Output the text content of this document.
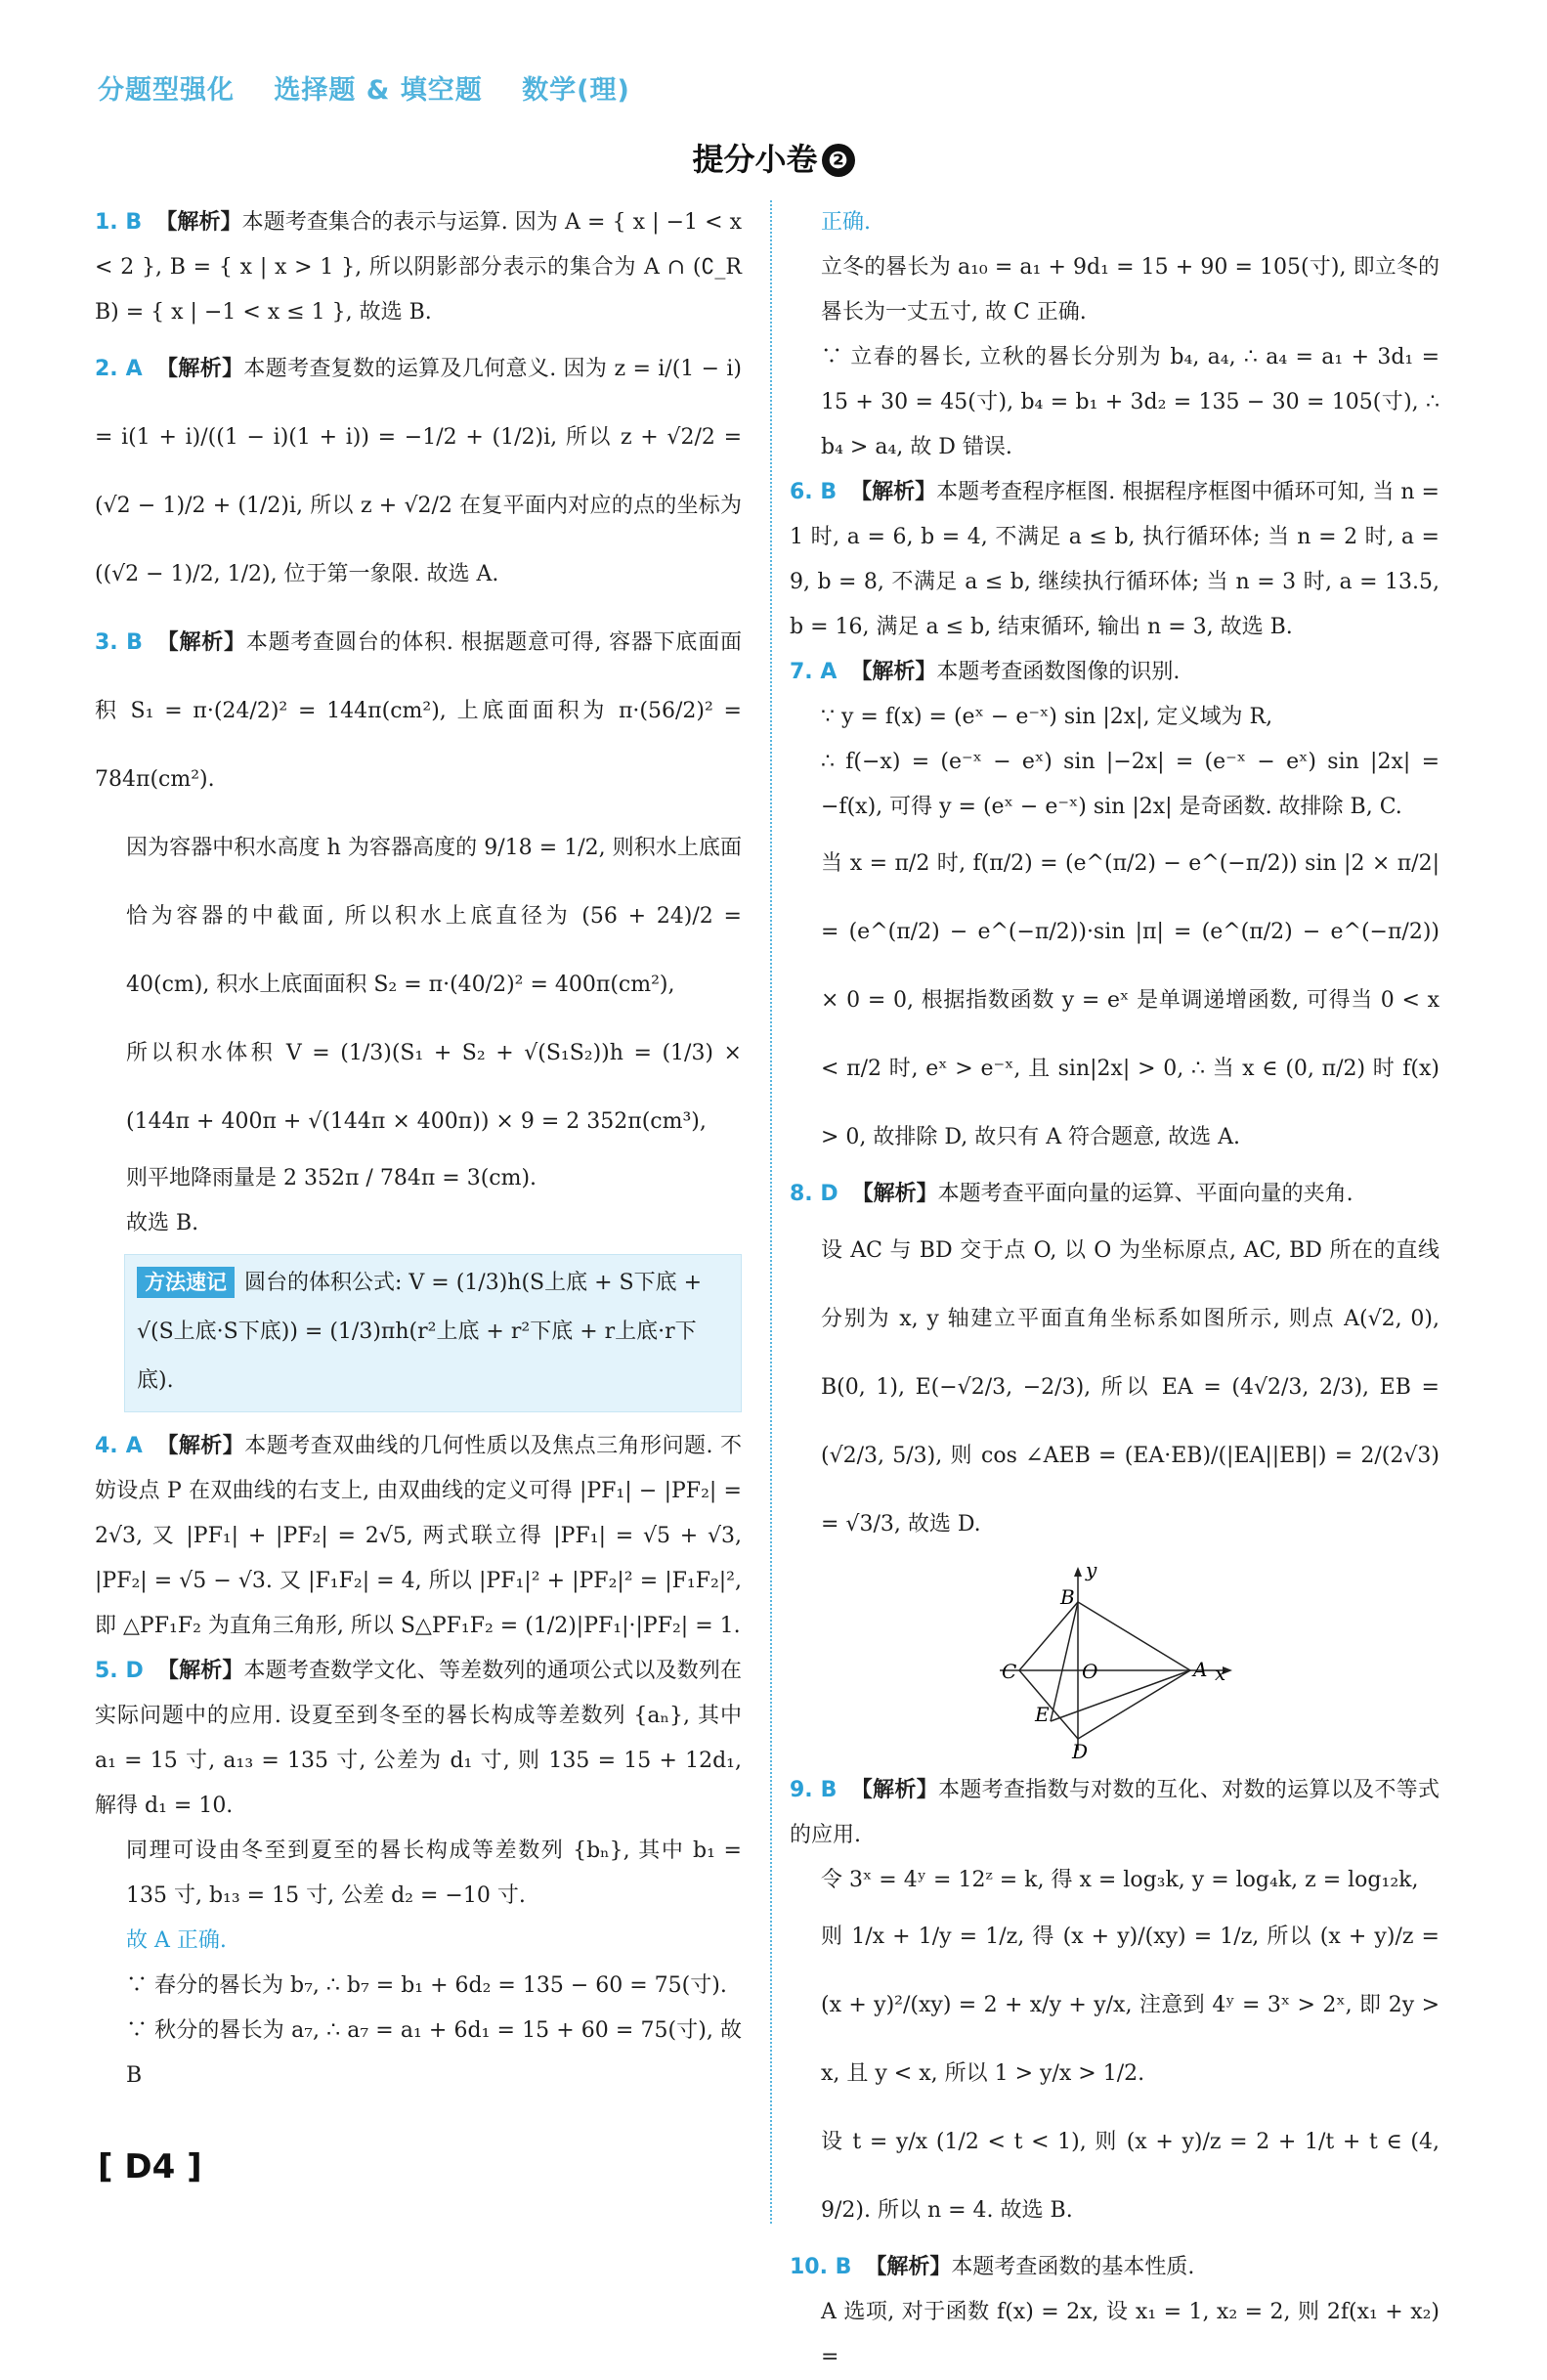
分题型强化 选择题 & 填空题 数学(理)
提分小卷 ❷

1. B 【解析】本题考查集合的表示与运算. 因为 A = { x | −1 < x < 2 }, B = { x | x > 1 }, 所以阴影部分表示的集合为 A ∩ (∁_R B) = { x | −1 < x ≤ 1 }, 故选 B.

2. A 【解析】本题考查复数的运算及几何意义. 因为 z = i/(1 − i) = i(1 + i)/((1 − i)(1 + i)) = −1/2 + (1/2)i, 所以 z + √2/2 = (√2 − 1)/2 + (1/2)i, 所以 z + √2/2 在复平面内对应的点的坐标为 ((√2 − 1)/2, 1/2), 位于第一象限. 故选 A.

3. B 【解析】本题考查圆台的体积. 根据题意可得, 容器下底面面积 S₁ = π·(24/2)² = 144π(cm²), 上底面面积为 π·(56/2)² = 784π(cm²).

因为容器中积水高度 h 为容器高度的 9/18 = 1/2, 则积水上底面恰为容器的中截面, 所以积水上底直径为 (56 + 24)/2 = 40(cm), 积水上底面面积 S₂ = π·(40/2)² = 400π(cm²),

所以积水体积 V = (1/3)(S₁ + S₂ + √(S₁S₂))h = (1/3) × (144π + 400π + √(144π × 400π)) × 9 = 2 352π(cm³),

则平地降雨量是 2 352π / 784π = 3(cm).

故选 B.

方法速记 圆台的体积公式: V = (1/3)h(S上底 + S下底 + √(S上底·S下底)) = (1/3)πh(r²上底 + r²下底 + r上底·r下底).

4. A 【解析】本题考查双曲线的几何性质以及焦点三角形问题. 不妨设点 P 在双曲线的右支上, 由双曲线的定义可得 |PF₁| − |PF₂| = 2√3, 又 |PF₁| + |PF₂| = 2√5, 两式联立得 |PF₁| = √5 + √3, |PF₂| = √5 − √3. 又 |F₁F₂| = 4, 所以 |PF₁|² + |PF₂|² = |F₁F₂|², 即 △PF₁F₂ 为直角三角形, 所以 S△PF₁F₂ = (1/2)|PF₁|·|PF₂| = 1.

5. D 【解析】本题考查数学文化、等差数列的通项公式以及数列在实际问题中的应用. 设夏至到冬至的晷长构成等差数列 {aₙ}, 其中 a₁ = 15 寸, a₁₃ = 135 寸, 公差为 d₁ 寸, 则 135 = 15 + 12d₁, 解得 d₁ = 10.

同理可设由冬至到夏至的晷长构成等差数列 {bₙ}, 其中 b₁ = 135 寸, b₁₃ = 15 寸, 公差 d₂ = −10 寸.

故 A 正确.

∵ 春分的晷长为 b₇, ∴ b₇ = b₁ + 6d₂ = 135 − 60 = 75(寸).

∵ 秋分的晷长为 a₇, ∴ a₇ = a₁ + 6d₁ = 15 + 60 = 75(寸), 故 B

正确.

立冬的晷长为 a₁₀ = a₁ + 9d₁ = 15 + 90 = 105(寸), 即立冬的晷长为一丈五寸, 故 C 正确.

∵ 立春的晷长, 立秋的晷长分别为 b₄, a₄, ∴ a₄ = a₁ + 3d₁ = 15 + 30 = 45(寸), b₄ = b₁ + 3d₂ = 135 − 30 = 105(寸), ∴ b₄ > a₄, 故 D 错误.

6. B 【解析】本题考查程序框图. 根据程序框图中循环可知, 当 n = 1 时, a = 6, b = 4, 不满足 a ≤ b, 执行循环体; 当 n = 2 时, a = 9, b = 8, 不满足 a ≤ b, 继续执行循环体; 当 n = 3 时, a = 13.5, b = 16, 满足 a ≤ b, 结束循环, 输出 n = 3, 故选 B.

7. A 【解析】本题考查函数图像的识别.

∵ y = f(x) = (eˣ − e⁻ˣ) sin |2x|, 定义域为 R,

∴ f(−x) = (e⁻ˣ − eˣ) sin |−2x| = (e⁻ˣ − eˣ) sin |2x| = −f(x), 可得 y = (eˣ − e⁻ˣ) sin |2x| 是奇函数. 故排除 B, C.

当 x = π/2 时, f(π/2) = (e^(π/2) − e^(−π/2)) sin |2 × π/2| = (e^(π/2) − e^(−π/2))·sin |π| = (e^(π/2) − e^(−π/2)) × 0 = 0, 根据指数函数 y = eˣ 是单调递增函数, 可得当 0 < x < π/2 时, eˣ > e⁻ˣ, 且 sin|2x| > 0, ∴ 当 x ∈ (0, π/2) 时 f(x) > 0, 故排除 D, 故只有 A 符合题意, 故选 A.

8. D 【解析】本题考查平面向量的运算、平面向量的夹角.

设 AC 与 BD 交于点 O, 以 O 为坐标原点, AC, BD 所在的直线分别为 x, y 轴建立平面直角坐标系如图所示, 则点 A(√2, 0), B(0, 1), E(−√2/3, −2/3), 所以 EA = (4√2/3, 2/3), EB = (√2/3, 5/3), 则 cos ∠AEB = (EA·EB)/(|EA||EB|) = 2/(2√3) = √3/3, 故选 D.

y
B
C	O	A x
E
D

9. B 【解析】本题考查指数与对数的互化、对数的运算以及不等式的应用.

令 3ˣ = 4ʸ = 12ᶻ = k, 得 x = log₃k, y = log₄k, z = log₁₂k,

则 1/x + 1/y = 1/z, 得 (x + y)/(xy) = 1/z, 所以 (x + y)/z = (x + y)²/(xy) = 2 + x/y + y/x, 注意到 4ʸ = 3ˣ > 2ˣ, 即 2y > x, 且 y < x, 所以 1 > y/x > 1/2.

设 t = y/x (1/2 < t < 1), 则 (x + y)/z = 2 + 1/t + t ∈ (4, 9/2). 所以 n = 4. 故选 B.

10. B 【解析】本题考查函数的基本性质.

A 选项, 对于函数 f(x) = 2x, 设 x₁ = 1, x₂ = 2, 则 2f(x₁ + x₂) =

[ D4 ]
